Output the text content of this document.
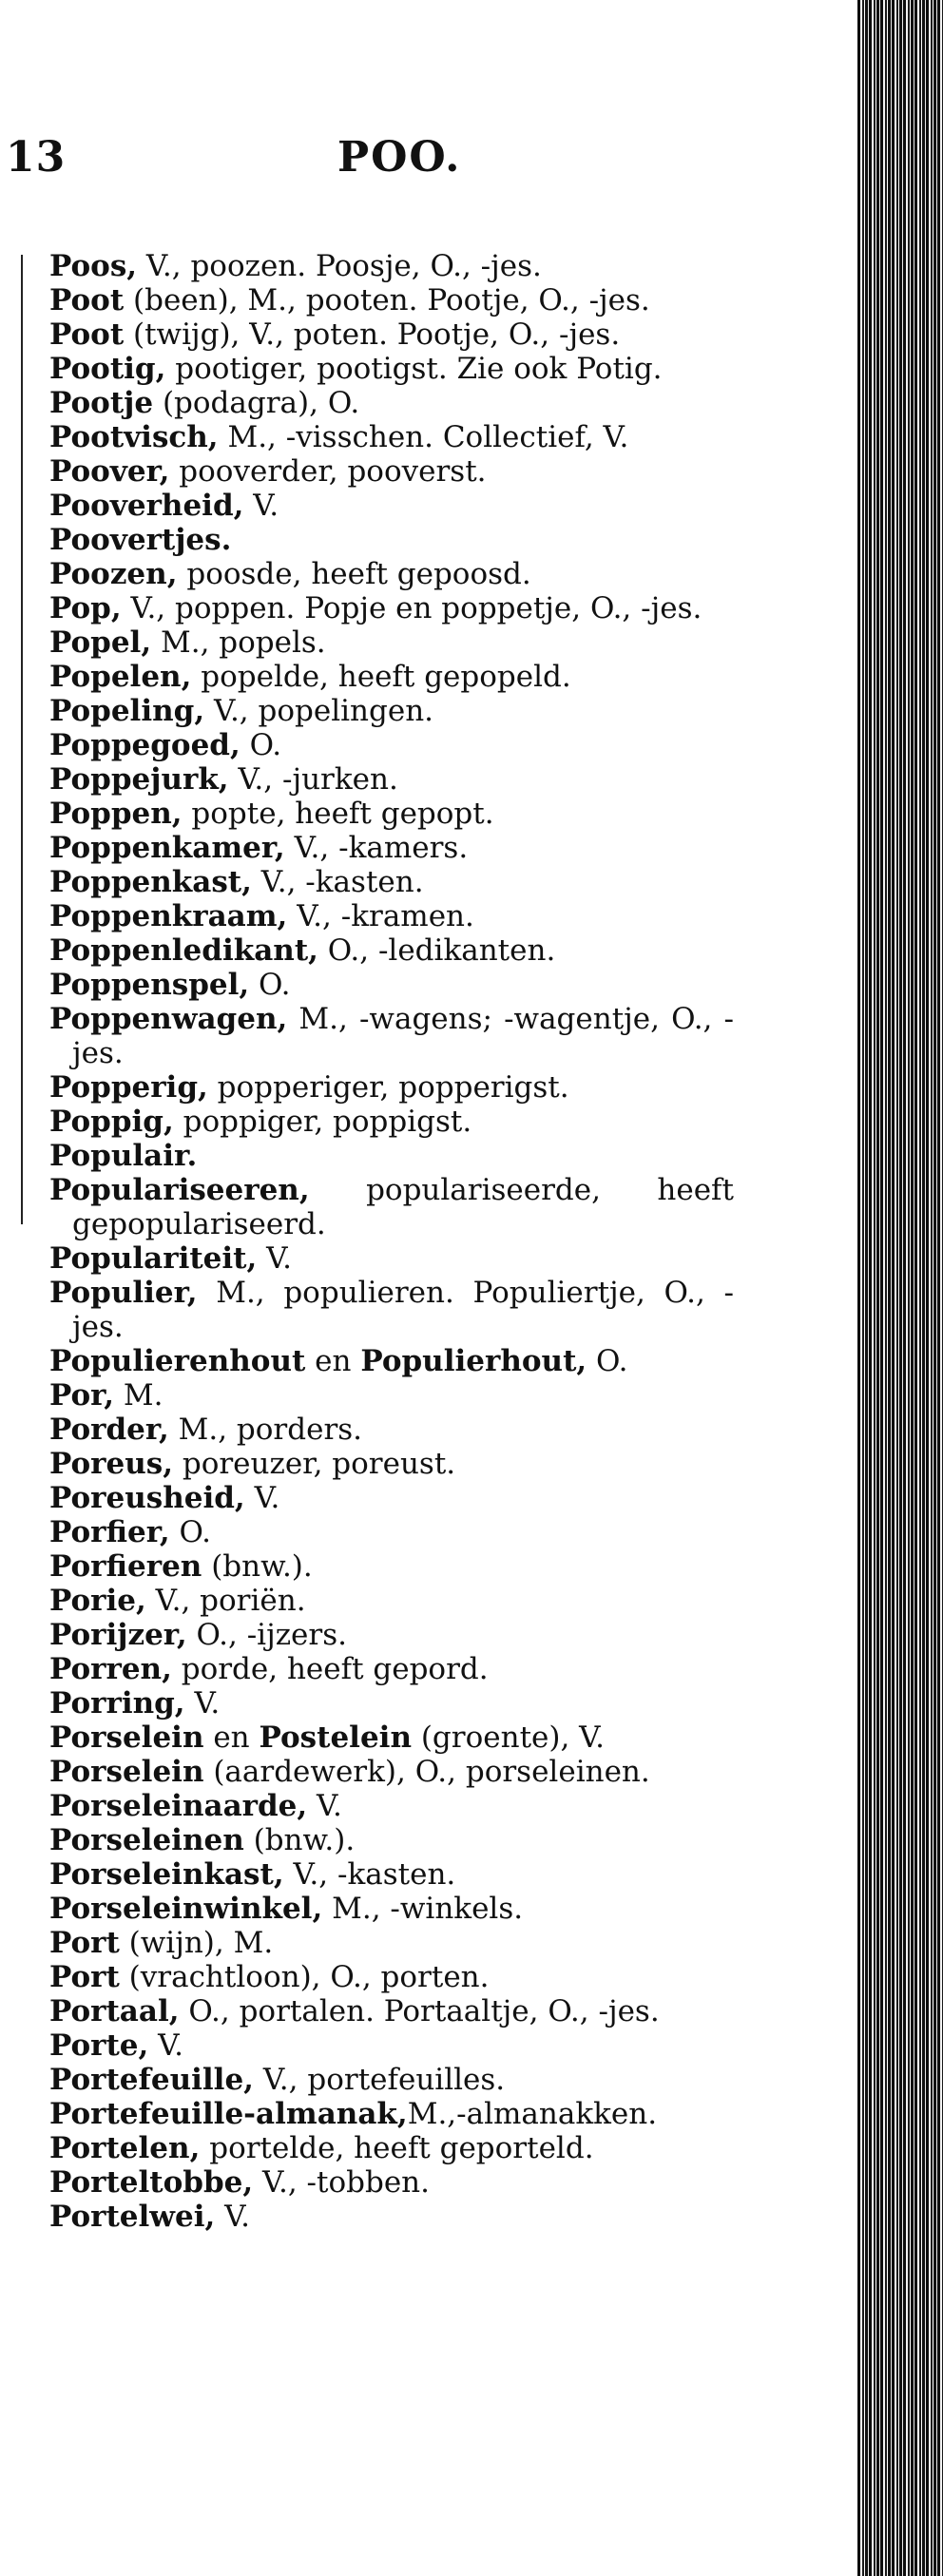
13	POO.
Poos, V., poozen. Poosje, O., -jes.
Poot (been), M., pooten. Pootje, O., -jes.
Poot (twijg), V., poten. Pootje, O., -jes.
Pootig, pootiger, pootigst. Zie ook Potig.
Pootje (podagra), O.
Pootvisch, M., -visschen. Collectief, V.
Poover, pooverder, pooverst.
Pooverheid, V.
Poovertjes.
Poozen, poosde, heeft gepoosd.
Pop, V., poppen. Popje en poppetje, O., -jes.
Popel, M., popels.
Popelen, popelde, heeft gepopeld.
Popeling, V., popelingen.
Poppegoed, O.
Poppejurk, V., -jurken.
Poppen, popte, heeft gepopt.
Poppenkamer, V., -kamers.
Poppenkast, V., -kasten.
Poppenkraam, V., -kramen.
Poppenledikant, O., -ledikanten.
Poppenspel, O.
Poppenwagen, M., -wagens; -wagentje, O., -jes.
Popperig, popperiger, popperigst.
Poppig, poppiger, poppigst.
Populair.
Populariseeren, populariseerde, heeft gepopulariseerd.
Populariteit, V.
Populier, M., populieren. Populiertje, O., -jes.
Populierenhout en Populierhout, O.
Por, M.
Porder, M., porders.
Poreus, poreuzer, poreust.
Poreusheid, V.
Porfier, O.
Porfieren (bnw.).
Porie, V., poriën.
Porijzer, O., -ijzers.
Porren, porde, heeft gepord.
Porring, V.
Porselein en Postelein (groente), V.
Porselein (aardewerk), O., porseleinen.
Porseleinaarde, V.
Porseleinen (bnw.).
Porseleinkast, V., -kasten.
Porseleinwinkel, M., -winkels.
Port (wijn), M.
Port (vrachtloon), O., porten.
Portaal, O., portalen. Portaaltje, O., -jes.
Porte, V.
Portefeuille, V., portefeuilles.
Portefeuille-almanak,M.,-almanakken.
Portelen, portelde, heeft geporteld.
Porteltobbe, V., -tobben.
Portelwei, V.
